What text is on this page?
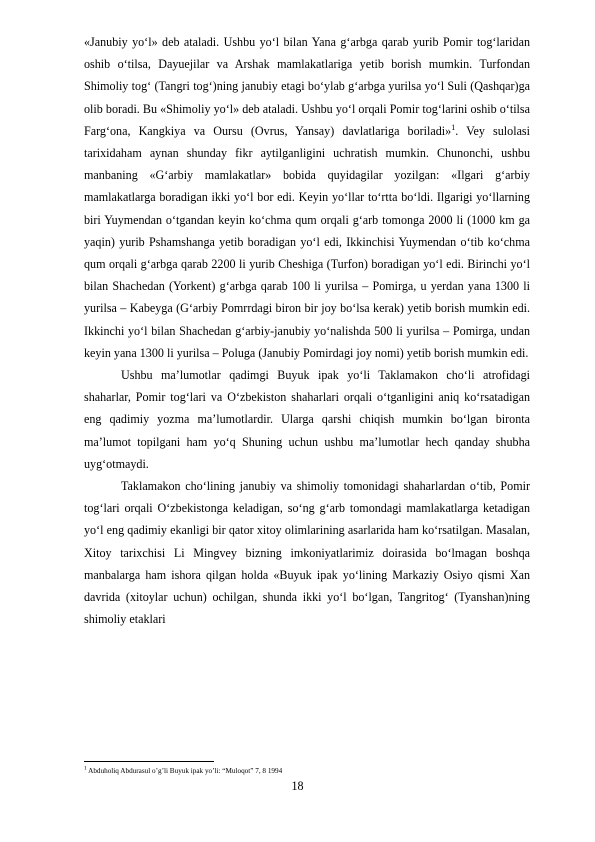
«Janubiy yo‘l» deb ataladi. Ushbu yo‘l bilan Yana g‘arbga qarab yurib Pomir tog‘laridan oshib o‘tilsa, Dayuejilar va Arshak mamlakatlariga yetib borish mumkin. Turfondan Shimoliy tog‘ (Tangri tog‘)ning janubiy etagi bo‘ylab g‘arbga yurilsa yo‘l Suli (Qashqar)ga olib boradi. Bu «Shimoliy yo‘l» deb ataladi. Ushbu yo‘l orqali Pomir tog‘larini oshib o‘tilsa Farg‘ona, Kangkiya va Oursu (Ovrus, Yansay) davlatlariga boriladi»$^1$. Vey sulolasi tarixidaham aynan shunday fikr aytilganligini uchratish mumkin. Chunonchi, ushbu manbaning «G‘arbiy mamlakatlar» bobida quyidagilar yozilgan: «Ilgari g‘arbiy mamlakatlarga boradigan ikki yo‘l bor edi. Keyin yo‘llar to‘rtta bo‘ldi. Ilgarigi yo‘llarning biri Yuymendan o‘tgandan keyin ko‘chma qum orqali g‘arb tomonga 2000 li (1000 km ga yaqin) yurib Pshamshanga yetib boradigan yo‘l edi, Ikkinchisi Yuymendan o‘tib ko‘chma qum orqali g‘arbga qarab 2200 li yurib Cheshiga (Turfon) boradigan yo‘l edi. Birinchi yo‘l bilan Shachedan (Yorkent) g‘arbga qarab 100 li yurilsa – Pomirga, u yerdan yana 1300 li yurilsa – Kabeyga (G‘arbiy Pomrrdagi biron bir joy bo‘lsa kerak) yetib borish mumkin edi. Ikkinchi yo‘l bilan Shachedan g‘arbiy-janubiy yo‘nalishda 500 li yurilsa – Pomirga, undan keyin yana 1300 li yurilsa – Poluga (Janubiy Pomirdagi joy nomi) yetib borish mumkin edi.

Ushbu ma’lumotlar qadimgi Buyuk ipak yo‘li Taklamakon cho‘li atrofidagi shaharlar, Pomir tog‘lari va O‘zbekiston shaharlari orqali o‘tganligini aniq ko‘rsatadigan eng qadimiy yozma ma’lumotlardir. Ularga qarshi chiqish mumkin bo‘lgan bironta ma’lumot topilgani ham yo‘q Shuning uchun ushbu ma’lumotlar hech qanday shubha uyg‘otmaydi.

Taklamakon cho‘lining janubiy va shimoliy tomonidagi shaharlardan o‘tib, Pomir tog‘lari orqali O‘zbekistonga keladigan, so‘ng g‘arb tomondagi mamlakatlarga ketadigan yo‘l eng qadimiy ekanligi bir qator xitoy olimlarining asarlarida ham ko‘rsatilgan. Masalan, Xitoy tarixchisi Li Mingvey bizning imkoniyatlarimiz doirasida bo‘lmagan boshqa manbalarga ham ishora qilgan holda «Buyuk ipak yo‘lining Markaziy Osiyo qismi Xan davrida (xitoylar uchun) ochilgan, shunda ikki yo‘l bo‘lgan, Tangritog‘ (Tyanshan)ning shimoliy etaklari

$^1$ Abduholiq Abdurasul o’g’li Buyuk ipak yo’li: “Muloqot” 7, 8 1994

18
